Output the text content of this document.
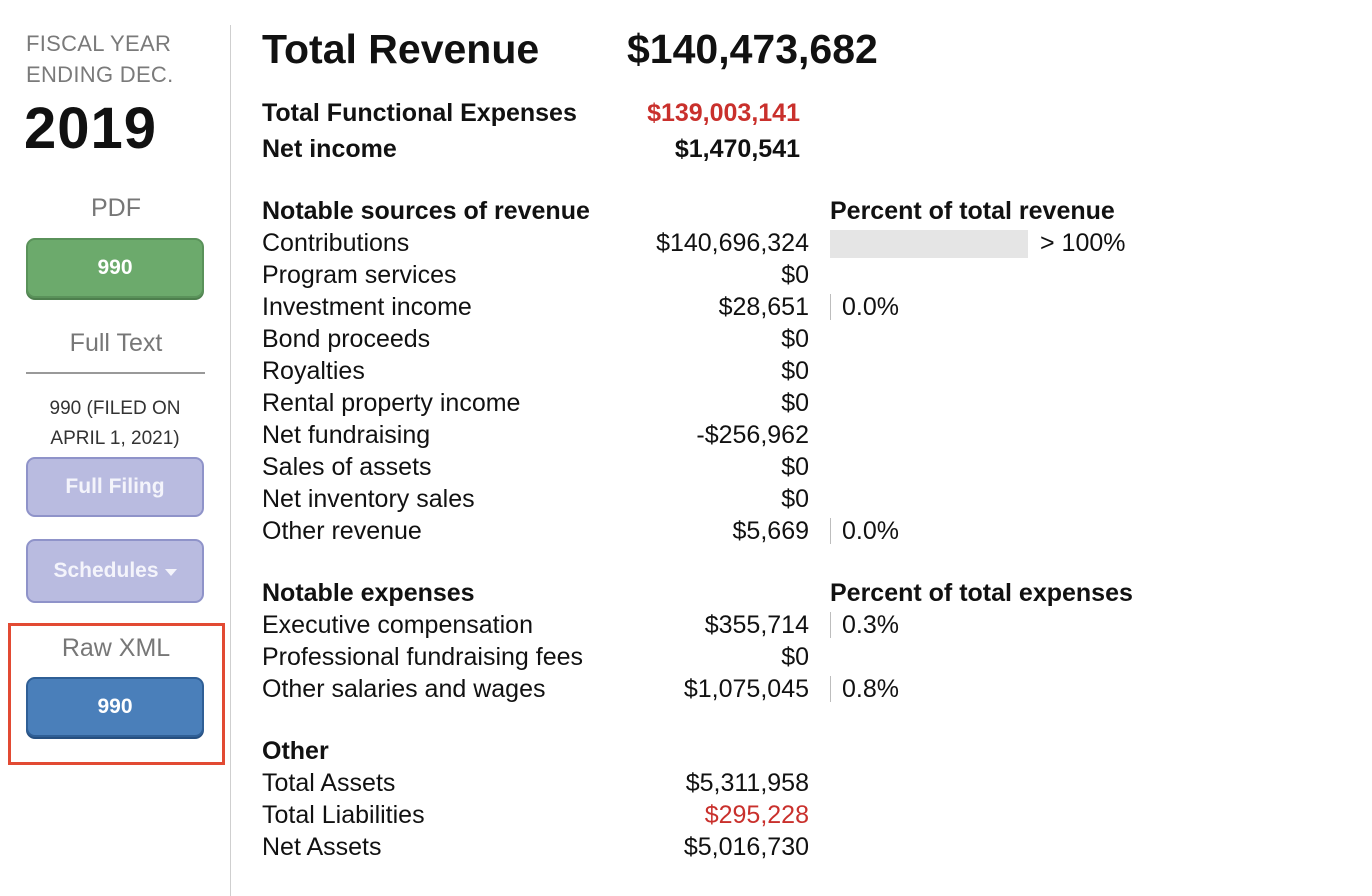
FISCAL YEAR ENDING DEC.
2019
PDF
990
Full Text
990 (FILED ON APRIL 1, 2021)
Full Filing
Schedules
Raw XML
990
Total Revenue $140,473,682
Total Functional Expenses	$139,003,141
Net income	$1,470,541
Notable sources of revenue	Percent of total revenue
Contributions	$140,696,324	> 100%
Program services	$0
Investment income	$28,651 0.0%
Bond proceeds	$0
Royalties	$0
Rental property income	$0
Net fundraising	-$256,962
Sales of assets	$0
Net inventory sales	$0
Other revenue	$5,669 0.0%
Notable expenses	Percent of total expenses
Executive compensation	$355,714 0.3%
Professional fundraising fees	$0
Other salaries and wages	$1,075,045 0.8%
Other
Total Assets	$5,311,958
Total Liabilities	$295,228
Net Assets	$5,016,730
